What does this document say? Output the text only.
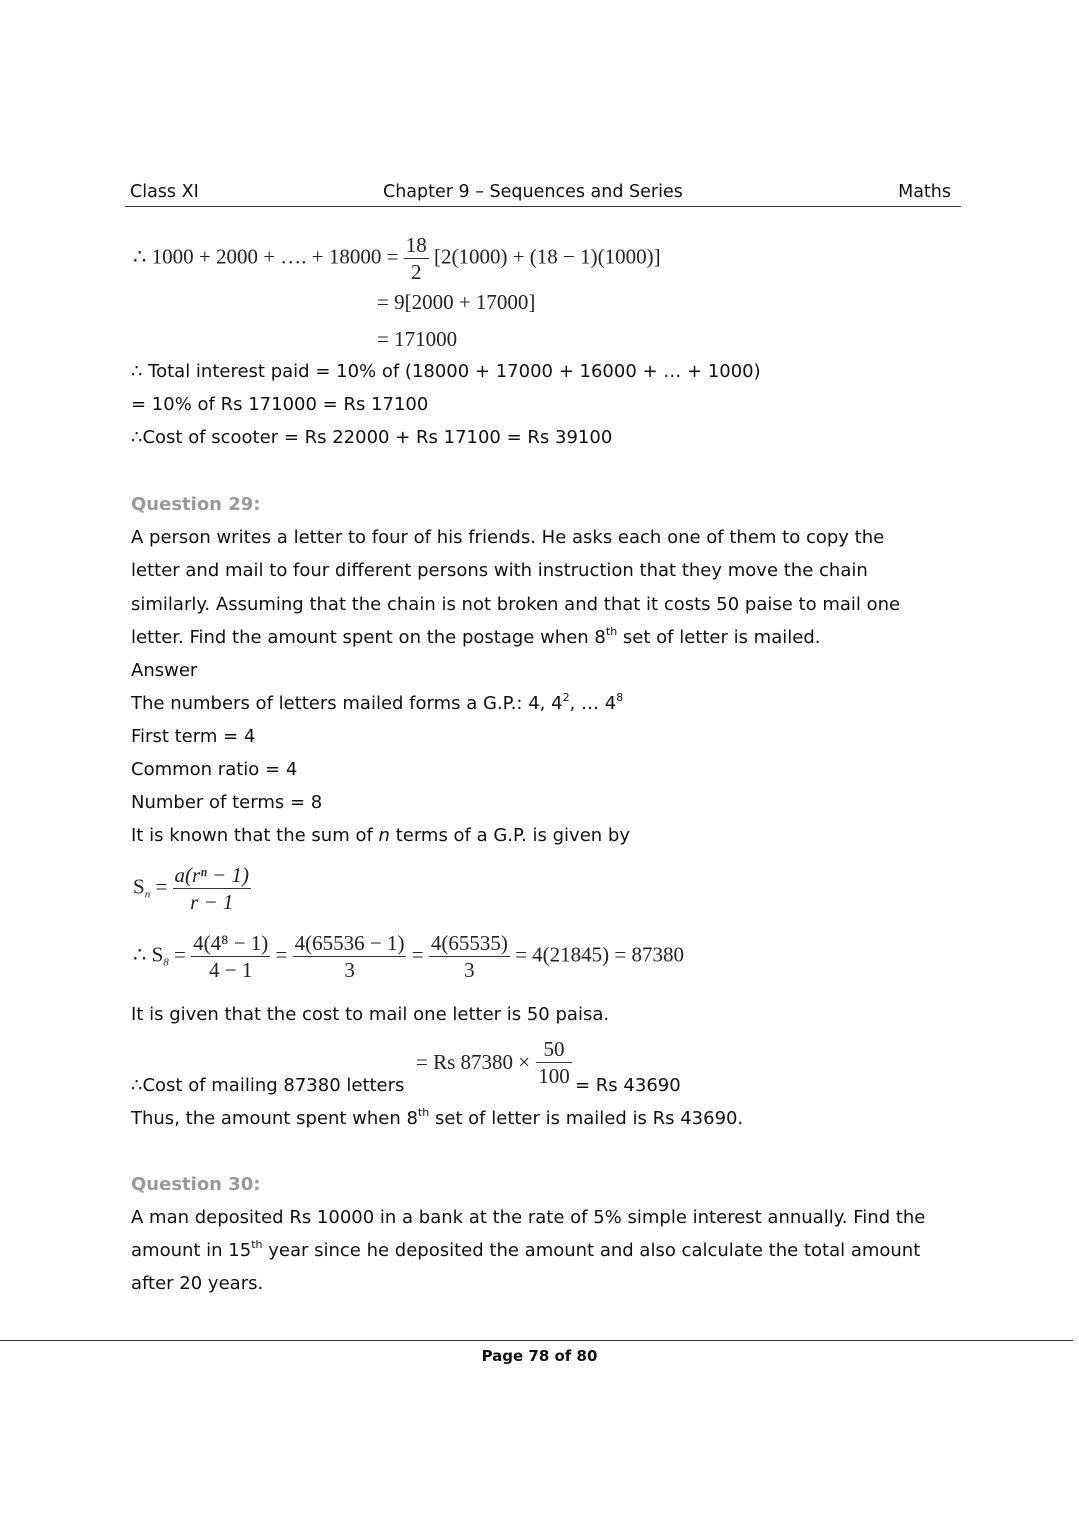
Class XI	Chapter 9 – Sequences and Series	Maths
∴ 1000 + 2000 + …. + $18000 = \frac{18}{2} [2(1000) + (18 - 1)(1000)]$
= 9[2000 + 17000]
= 171000
∴ Total interest paid = 10% of (18000 + 17000 + 16000 + … + 1000)
= 10% of Rs 171000 = Rs 17100
∴Cost of scooter = Rs 22000 + Rs 17100 = Rs 39100
Question 29:
A person writes a letter to four of his friends. He asks each one of them to copy the
letter and mail to four different persons with instruction that they move the chain
similarly. Assuming that the chain is not broken and that it costs 50 paise to mail one
letter. Find the amount spent on the postage when 8th set of letter is mailed.
Answer
The numbers of letters mailed forms a G.P.: 4, $4^2$, … $4^8$
First term = 4
Common ratio = 4
Number of terms = 8
It is known that the sum of n terms of a G.P. is given by
$S_n = \frac{\text{a(rⁿ − 1)}}{r - 1}$
∴ $S_8 = \frac{\text{4(4⁸ − 1)}}{4 - 1} = \frac{4(65536 - 1)}{3} = \frac{4(65535)}{3} = 4(21845) = 87380$
It is given that the cost to mail one letter is 50 paisa.
∴Cost of mailing 87380 letters
= Rs $87380 \times \frac{50}{100} = Rs$ 43690
Thus, the amount spent when 8th set of letter is mailed is Rs 43690.
Question 30:
A man deposited Rs 10000 in a bank at the rate of 5% simple interest annually. Find the
amount in 15th year since he deposited the amount and also calculate the total amount
after 20 years.
Page 78 of 80
